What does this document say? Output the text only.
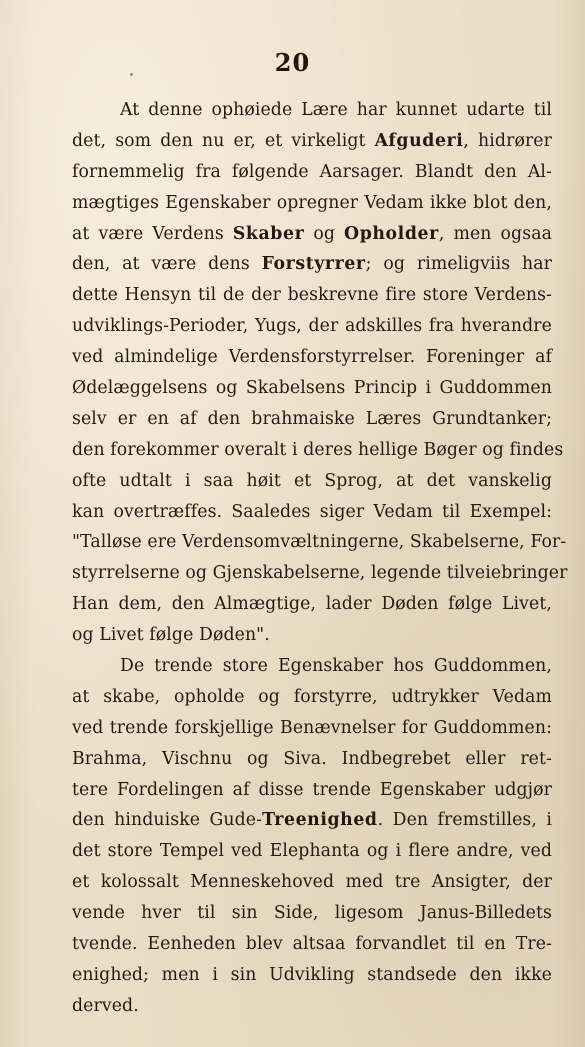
20
At denne ophøiede Lære har kunnet udarte til
det, som den nu er, et virkeligt Afguderi, hidrører
fornemmelig fra følgende Aarsager. Blandt den Al-
mægtiges Egenskaber opregner Vedam ikke blot den,
at være Verdens Skaber og Opholder, men ogsaa
den, at være dens Forstyrrer; og rimeligviis har
dette Hensyn til de der beskrevne fire store Verdens-
udviklings-Perioder, Yugs, der adskilles fra hverandre
ved almindelige Verdensforstyrrelser. Foreninger af
Ødelæggelsens og Skabelsens Princip i Guddommen
selv er en af den brahmaiske Læres Grundtanker;
den forekommer overalt i deres hellige Bøger og findes
ofte udtalt i saa høit et Sprog, at det vanskelig
kan overtræffes. Saaledes siger Vedam til Exempel:
"Talløse ere Verdensomvæltningerne, Skabelserne, For-
styrrelserne og Gjenskabelserne, legende tilveiebringer
Han dem, den Almægtige, lader Døden følge Livet,
og Livet følge Døden".
De trende store Egenskaber hos Guddommen,
at skabe, opholde og forstyrre, udtrykker Vedam
ved trende forskjellige Benævnelser for Guddommen:
Brahma, Vischnu og Siva. Indbegrebet eller ret-
tere Fordelingen af disse trende Egenskaber udgjør
den hinduiske Gude-Treenighed. Den fremstilles, i
det store Tempel ved Elephanta og i flere andre, ved
et kolossalt Menneskehoved med tre Ansigter, der
vende hver til sin Side, ligesom Janus-Billedets
tvende. Eenheden blev altsaa forvandlet til en Tre-
enighed; men i sin Udvikling standsede den ikke
derved.
